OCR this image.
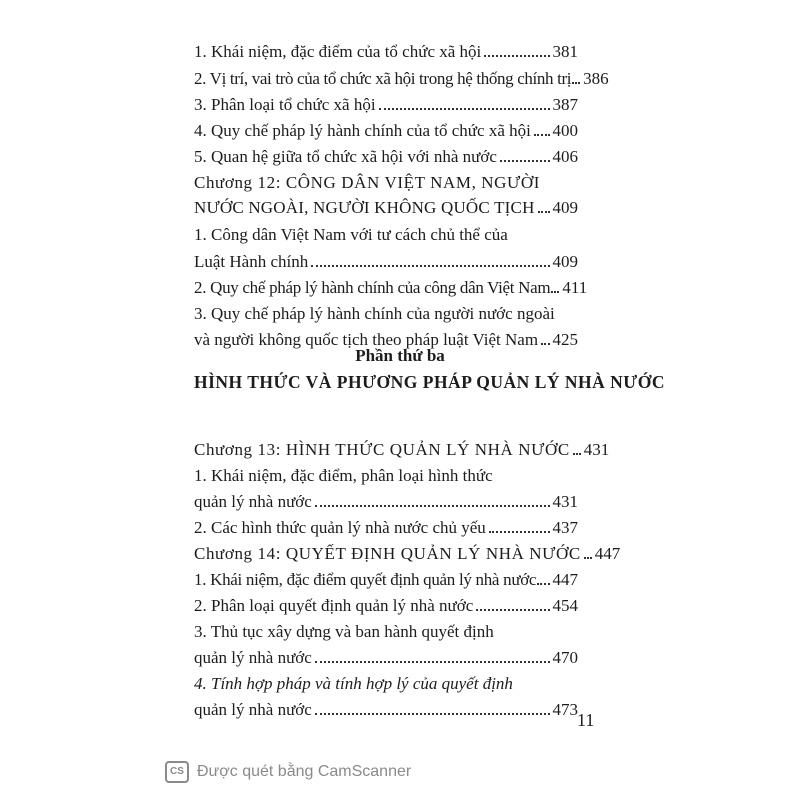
1. Khái niệm, đặc điểm của tổ chức xã hội	381
2. Vị trí, vai trò của tổ chức xã hội trong hệ thống chính trị 386
3. Phân loại tổ chức xã hội	387
4. Quy chế pháp lý hành chính của tổ chức xã hội 400
5. Quan hệ giữa tổ chức xã hội với nhà nước	406
Chương 12: CÔNG DÂN VIỆT NAM, NGƯỜI
NƯỚC NGOÀI, NGƯỜI KHÔNG QUỐC TỊCH 409
1. Công dân Việt Nam với tư cách chủ thể của
Luật Hành chính	409
2. Quy chế pháp lý hành chính của công dân Việt Nam 411
3. Quy chế pháp lý hành chính của người nước ngoài
và người không quốc tịch theo pháp luật Việt Nam 425
Chương 13: HÌNH THỨC QUẢN LÝ NHÀ NƯỚC 431
1. Khái niệm, đặc điểm, phân loại hình thức
quản lý nhà nước	431
2. Các hình thức quản lý nhà nước chủ yếu	437
Chương 14: QUYẾT ĐỊNH QUẢN LÝ NHÀ NƯỚC 447
1. Khái niệm, đặc điểm quyết định quản lý nhà nước 447
2. Phân loại quyết định quản lý nhà nước	454
3. Thủ tục xây dựng và ban hành quyết định
quản lý nhà nước	470
4. Tính hợp pháp và tính hợp lý của quyết định
quản lý nhà nước	473
Phần thứ ba
HÌNH THỨC VÀ PHƯƠNG PHÁP QUẢN LÝ NHÀ NƯỚC
11
CS Được quét bằng CamScanner
